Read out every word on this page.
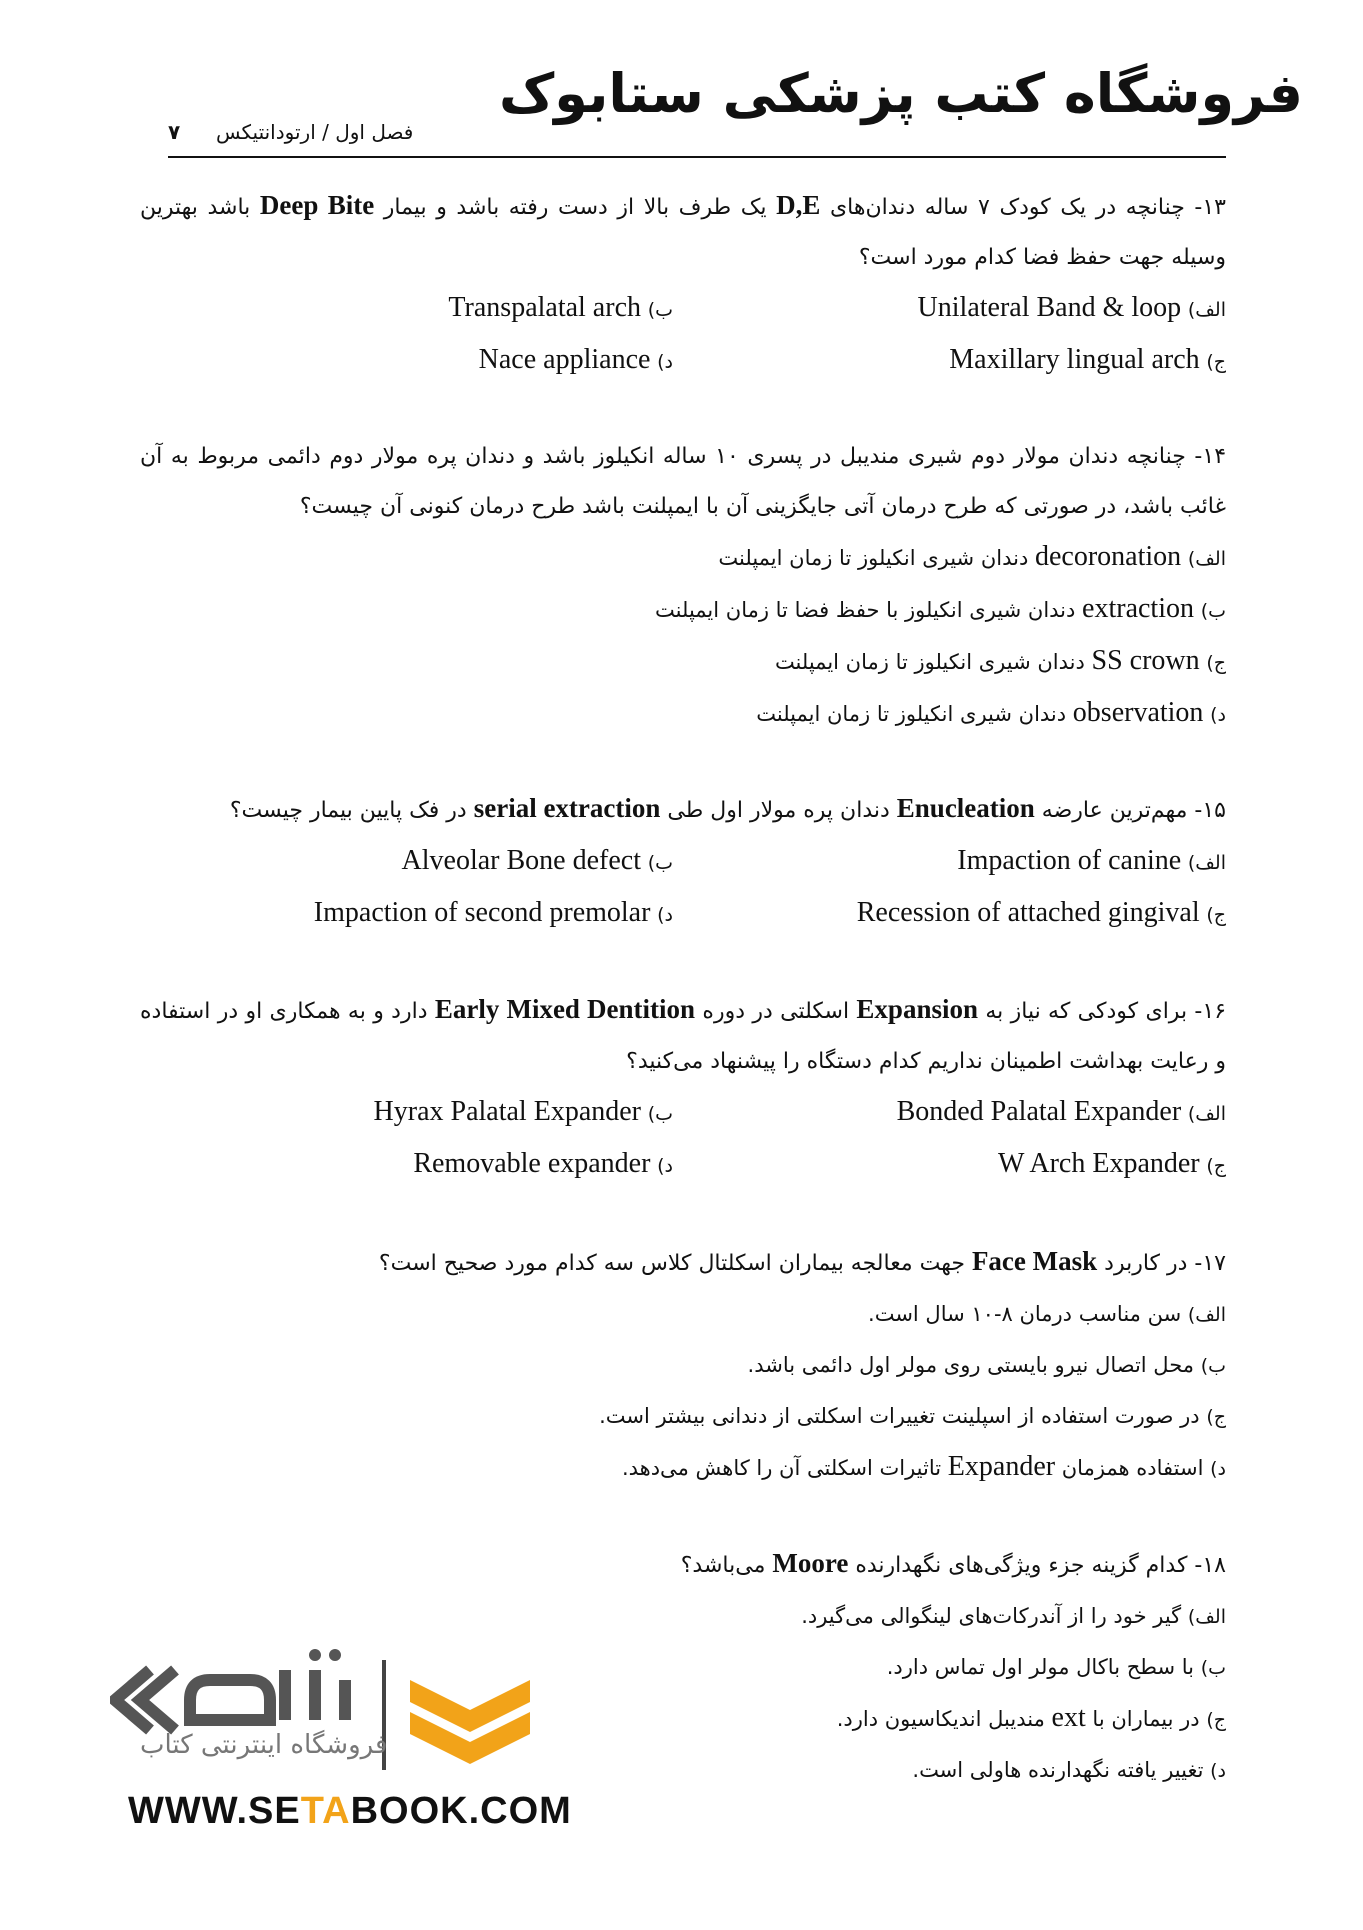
فروشگاه کتب پزشکی ستابوک
فصل اول / ارتودانتیکس
۷
۱۳- چنانچه در یک کودک ۷ ساله دندان‌های D,E یک طرف بالا از دست رفته باشد و بیمار Deep Bite باشد بهترین وسیله جهت حفظ فضا کدام مورد است؟
الف) Unilateral Band & loop
ب) Transpalatal arch
ج) Maxillary lingual arch
د) Nace appliance
۱۴- چنانچه دندان مولار دوم شیری مندیبل در پسری ۱۰ ساله انکیلوز باشد و دندان پره مولار دوم دائمی مربوط به آن غائب باشد، در صورتی که طرح درمان آتی جایگزینی آن با ایمپلنت باشد طرح درمان کنونی آن چیست؟
الف) decoronation دندان شیری انکیلوز تا زمان ایمپلنت
ب) extraction دندان شیری انکیلوز با حفظ فضا تا زمان ایمپلنت
ج) SS crown دندان شیری انکیلوز تا زمان ایمپلنت
د) observation دندان شیری انکیلوز تا زمان ایمپلنت
۱۵- مهم‌ترین عارضه Enucleation دندان پره مولار اول طی serial extraction در فک پایین بیمار چیست؟
الف) Impaction of canine
ب) Alveolar Bone defect
ج) Recession of attached gingival
د) Impaction of second premolar
۱۶- برای کودکی که نیاز به Expansion اسکلتی در دوره Early Mixed Dentition دارد و به همکاری او در استفاده و رعایت بهداشت اطمینان نداریم کدام دستگاه را پیشنهاد می‌کنید؟
الف) Bonded Palatal Expander
ب) Hyrax Palatal Expander
ج) W Arch Expander
د) Removable expander
۱۷- در کاربرد Face Mask جهت معالجه بیماران اسکلتال کلاس سه کدام مورد صحیح است؟
الف) سن مناسب درمان ۸-۱۰ سال است.
ب) محل اتصال نیرو بایستی روی مولر اول دائمی باشد.
ج) در صورت استفاده از اسپلینت تغییرات اسکلتی از دندانی بیشتر است.
د) استفاده همزمان Expander تاثیرات اسکلتی آن را کاهش می‌دهد.
۱۸- کدام گزینه جزء ویژگی‌های نگهدارنده Moore می‌باشد؟
الف) گیر خود را از آندرکات‌های لینگوالی می‌گیرد.
ب) با سطح باکال مولر اول تماس دارد.
ج) در بیماران با ext مندیبل اندیکاسیون دارد.
د) تغییر یافته نگهدارنده هاولی است.
فروشگاه اینترنتی کتاب
WWW.SETABOOK.COM
